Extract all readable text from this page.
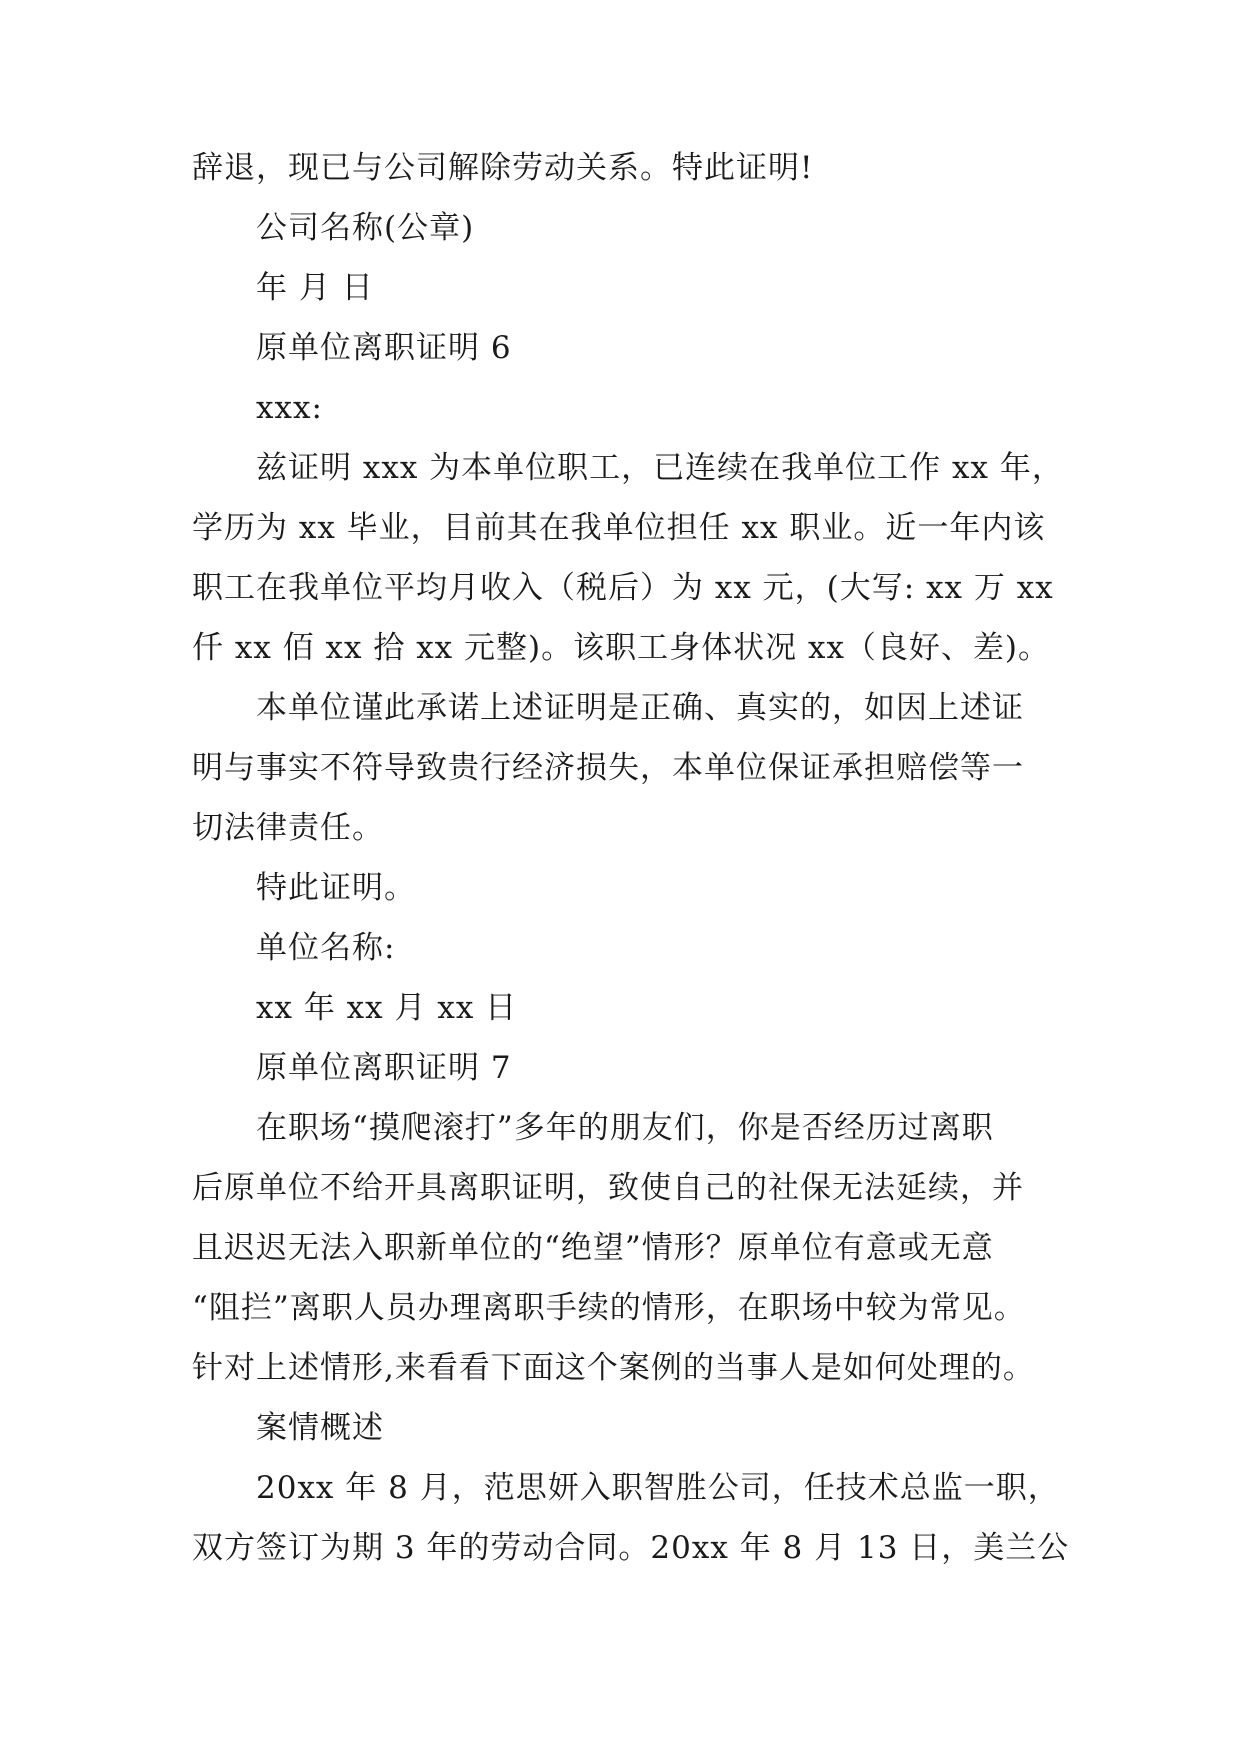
辞退，现已与公司解除劳动关系。特此证明!
公司名称(公章)
年 月 日
原单位离职证明 6
xxx:
兹证明 xxx 为本单位职工，已连续在我单位工作 xx 年，
学历为 xx 毕业，目前其在我单位担任 xx 职业。近一年内该
职工在我单位平均月收入（税后）为 xx 元，(大写: xx 万 xx
仟 xx 佰 xx 拾 xx 元整)。该职工身体状况 xx（良好、差)。
本单位谨此承诺上述证明是正确、真实的，如因上述证
明与事实不符导致贵行经济损失，本单位保证承担赔偿等一
切法律责任。
特此证明。
单位名称:
xx 年 xx 月 xx 日
原单位离职证明 7
在职场“摸爬滚打”多年的朋友们，你是否经历过离职
后原单位不给开具离职证明，致使自己的社保无法延续，并
且迟迟无法入职新单位的“绝望”情形？原单位有意或无意
“阻拦”离职人员办理离职手续的情形，在职场中较为常见。
针对上述情形,来看看下面这个案例的当事人是如何处理的。
案情概述
20xx 年 8 月，范思妍入职智胜公司，任技术总监一职，
双方签订为期 3 年的劳动合同。20xx 年 8 月 13 日，美兰公
